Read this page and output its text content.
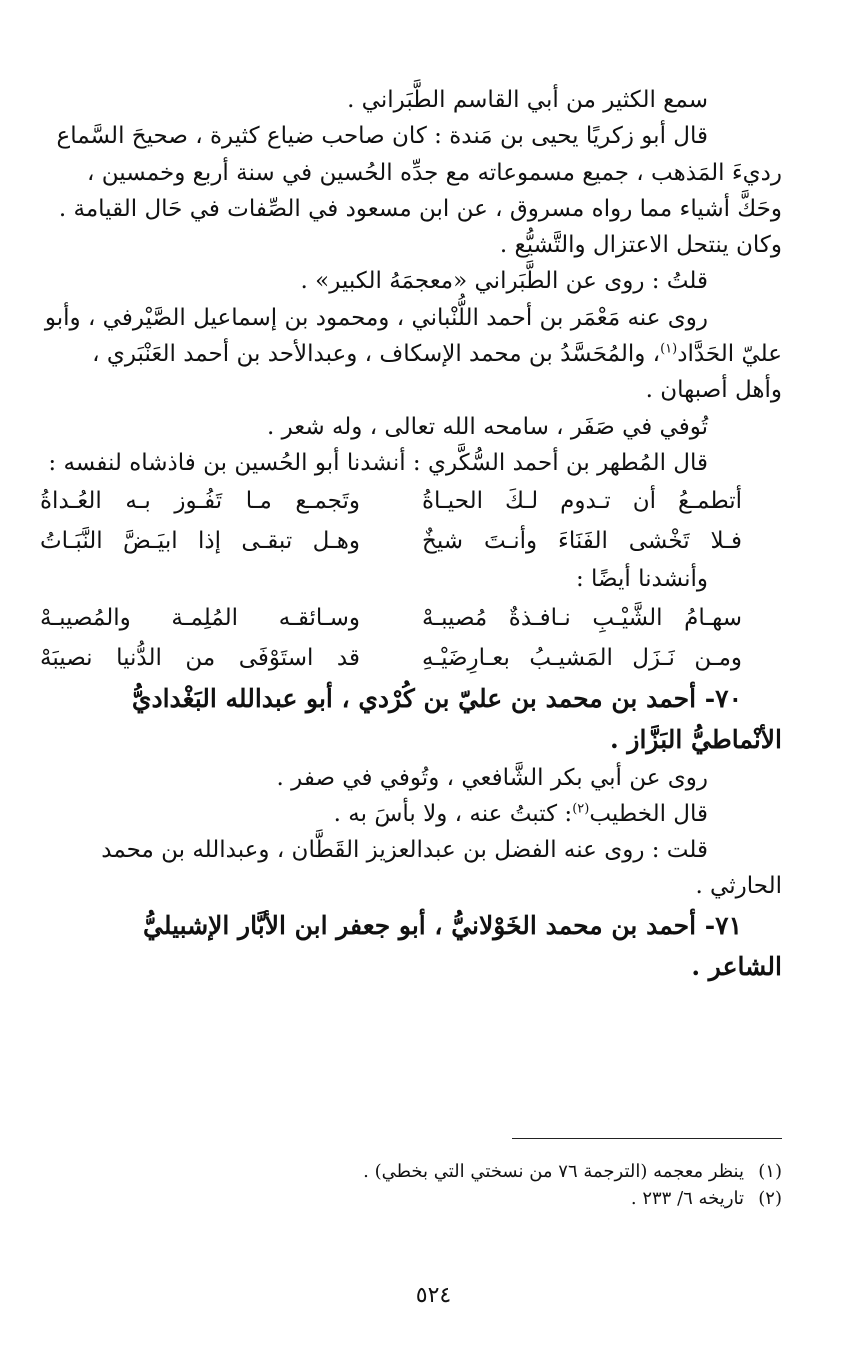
سمع الكثير من أبي القاسم الطَّبَراني .
قال أبو زكريًا يحيى بن مَندة : كان صاحب ضياع كثيرة ، صحيحَ السَّماع
رديءَ المَذهب ، جميع مسموعاته مع جدِّه الحُسين في سنة أربع وخمسين ،
وحَكَّ أشياء مما رواه مسروق ، عن ابن مسعود في الصِّفات في حَال القيامة .
وكان ينتحل الاعتزال والتَّشيُّع .
قلتُ : روى عن الطَّبَراني «معجمَهُ الكبير» .
روى عنه مَعْمَر بن أحمد اللُّنْباني ، ومحمود بن إسماعيل الصَّيْرفي ، وأبو
عليّ الحَدَّاد$^{(١)}$، والمُحَسَّدُ بن محمد الإسكاف ، وعبدالأحد بن أحمد العَنْبَري ،
وأهل أصبهان .
تُوفي في صَفَر ، سامحه الله تعالى ، وله شعر .
قال المُطهر بن أحمد السُّكَّري : أنشدنا أبو الحُسين بن فاذشاه لنفسه :
أتطمـعُ أن تـدوم لـكَ الحيـاةُ
وتَجمـع مـا تَفُـوز بـه العُـداةُ
فـلا تَخْشى الفَنَاءَ وأنـتَ شيخٌ
وهـل تبقـى إذا ابيَـضَّ النَّبَـاتُ
وأنشدنا أيضًا :
سهـامُ الشَّيْـبِ نـافـذةٌ مُصيبـهْ
وسـائقـه المُلِمـة والمُصيبـهْ
ومـن نَـزَل المَشيـبُ بعـارِضَيْـهِ
قد استَوْفَى من الدُّنيا نصيبَهْ
٧٠- أحمد بن محمد بن عليّ بن كُرْدي ، أبو عبدالله البَغْداديُّ
الأنْماطيُّ البَزَّاز .
روى عن أبي بكر الشَّافعي ، وتُوفي في صفر .
قال الخطيب$^{(٢)}$: كتبتُ عنه ، ولا بأسَ به .
قلت : روى عنه الفضل بن عبدالعزيز القَطَّان ، وعبدالله بن محمد
الحارثي .
٧١- أحمد بن محمد الخَوْلانيُّ ، أبو جعفر ابن الأبَّار الإشبيليُّ
الشاعر .
(١)
ينظر معجمه (الترجمة ٧٦ من نسختي التي بخطي) .
(٢)
تاريخه ٦/ ٢٣٣ .
٥٢٤
